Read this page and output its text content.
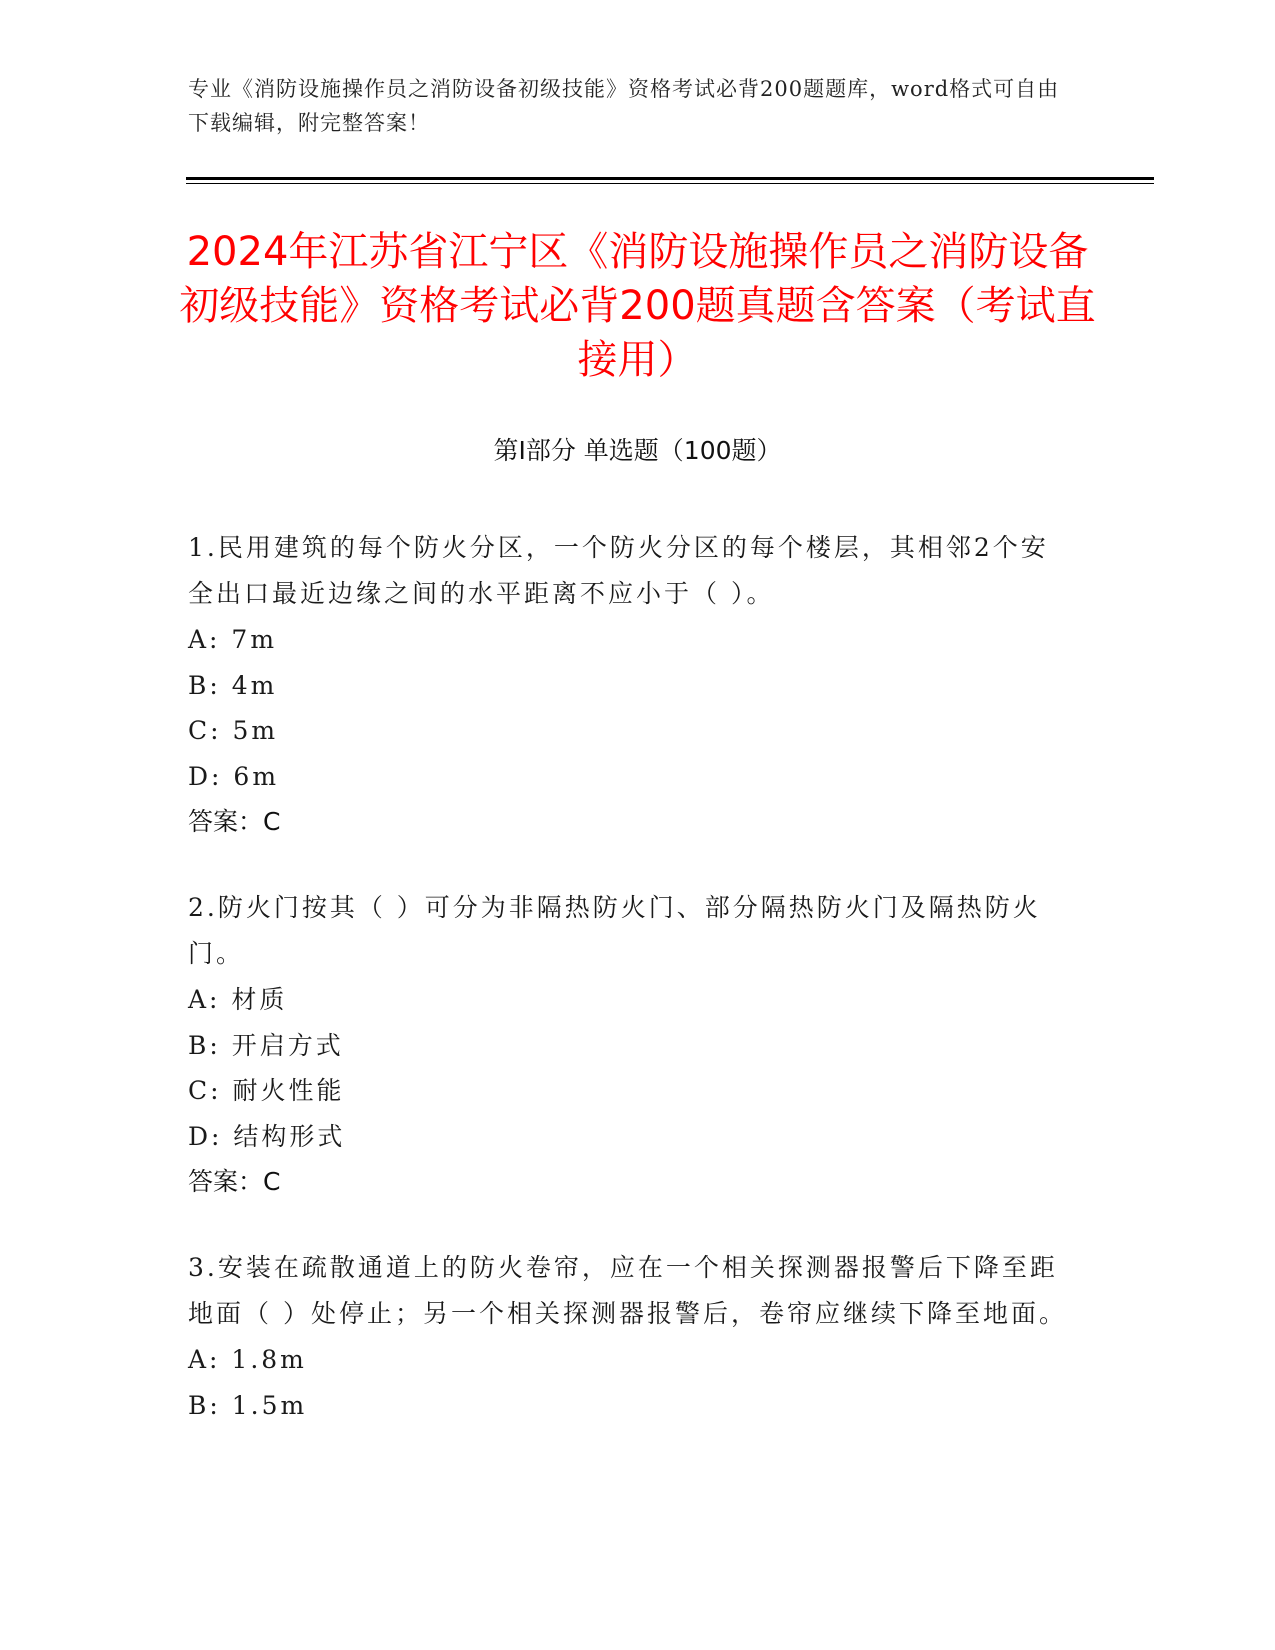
专业《消防设施操作员之消防设备初级技能》资格考试必背200题题库，word格式可自由下载编辑，附完整答案！

2024年江苏省江宁区《消防设施操作员之消防设备初级技能》资格考试必背200题真题含答案（考试直接用）
第Ⅰ部分 单选题（100题）

1.民用建筑的每个防火分区，一个防火分区的每个楼层，其相邻2个安全出口最近边缘之间的水平距离不应小于（ ）。

A: 7m

B: 4m

C: 5m

D: 6m

答案：C

2.防火门按其（ ）可分为非隔热防火门、部分隔热防火门及隔热防火门。

A: 材质

B: 开启方式

C: 耐火性能

D: 结构形式

答案：C

3.安装在疏散通道上的防火卷帘，应在一个相关探测器报警后下降至距地面（ ）处停止；另一个相关探测器报警后，卷帘应继续下降至地面。

A: 1.8m

B: 1.5m
